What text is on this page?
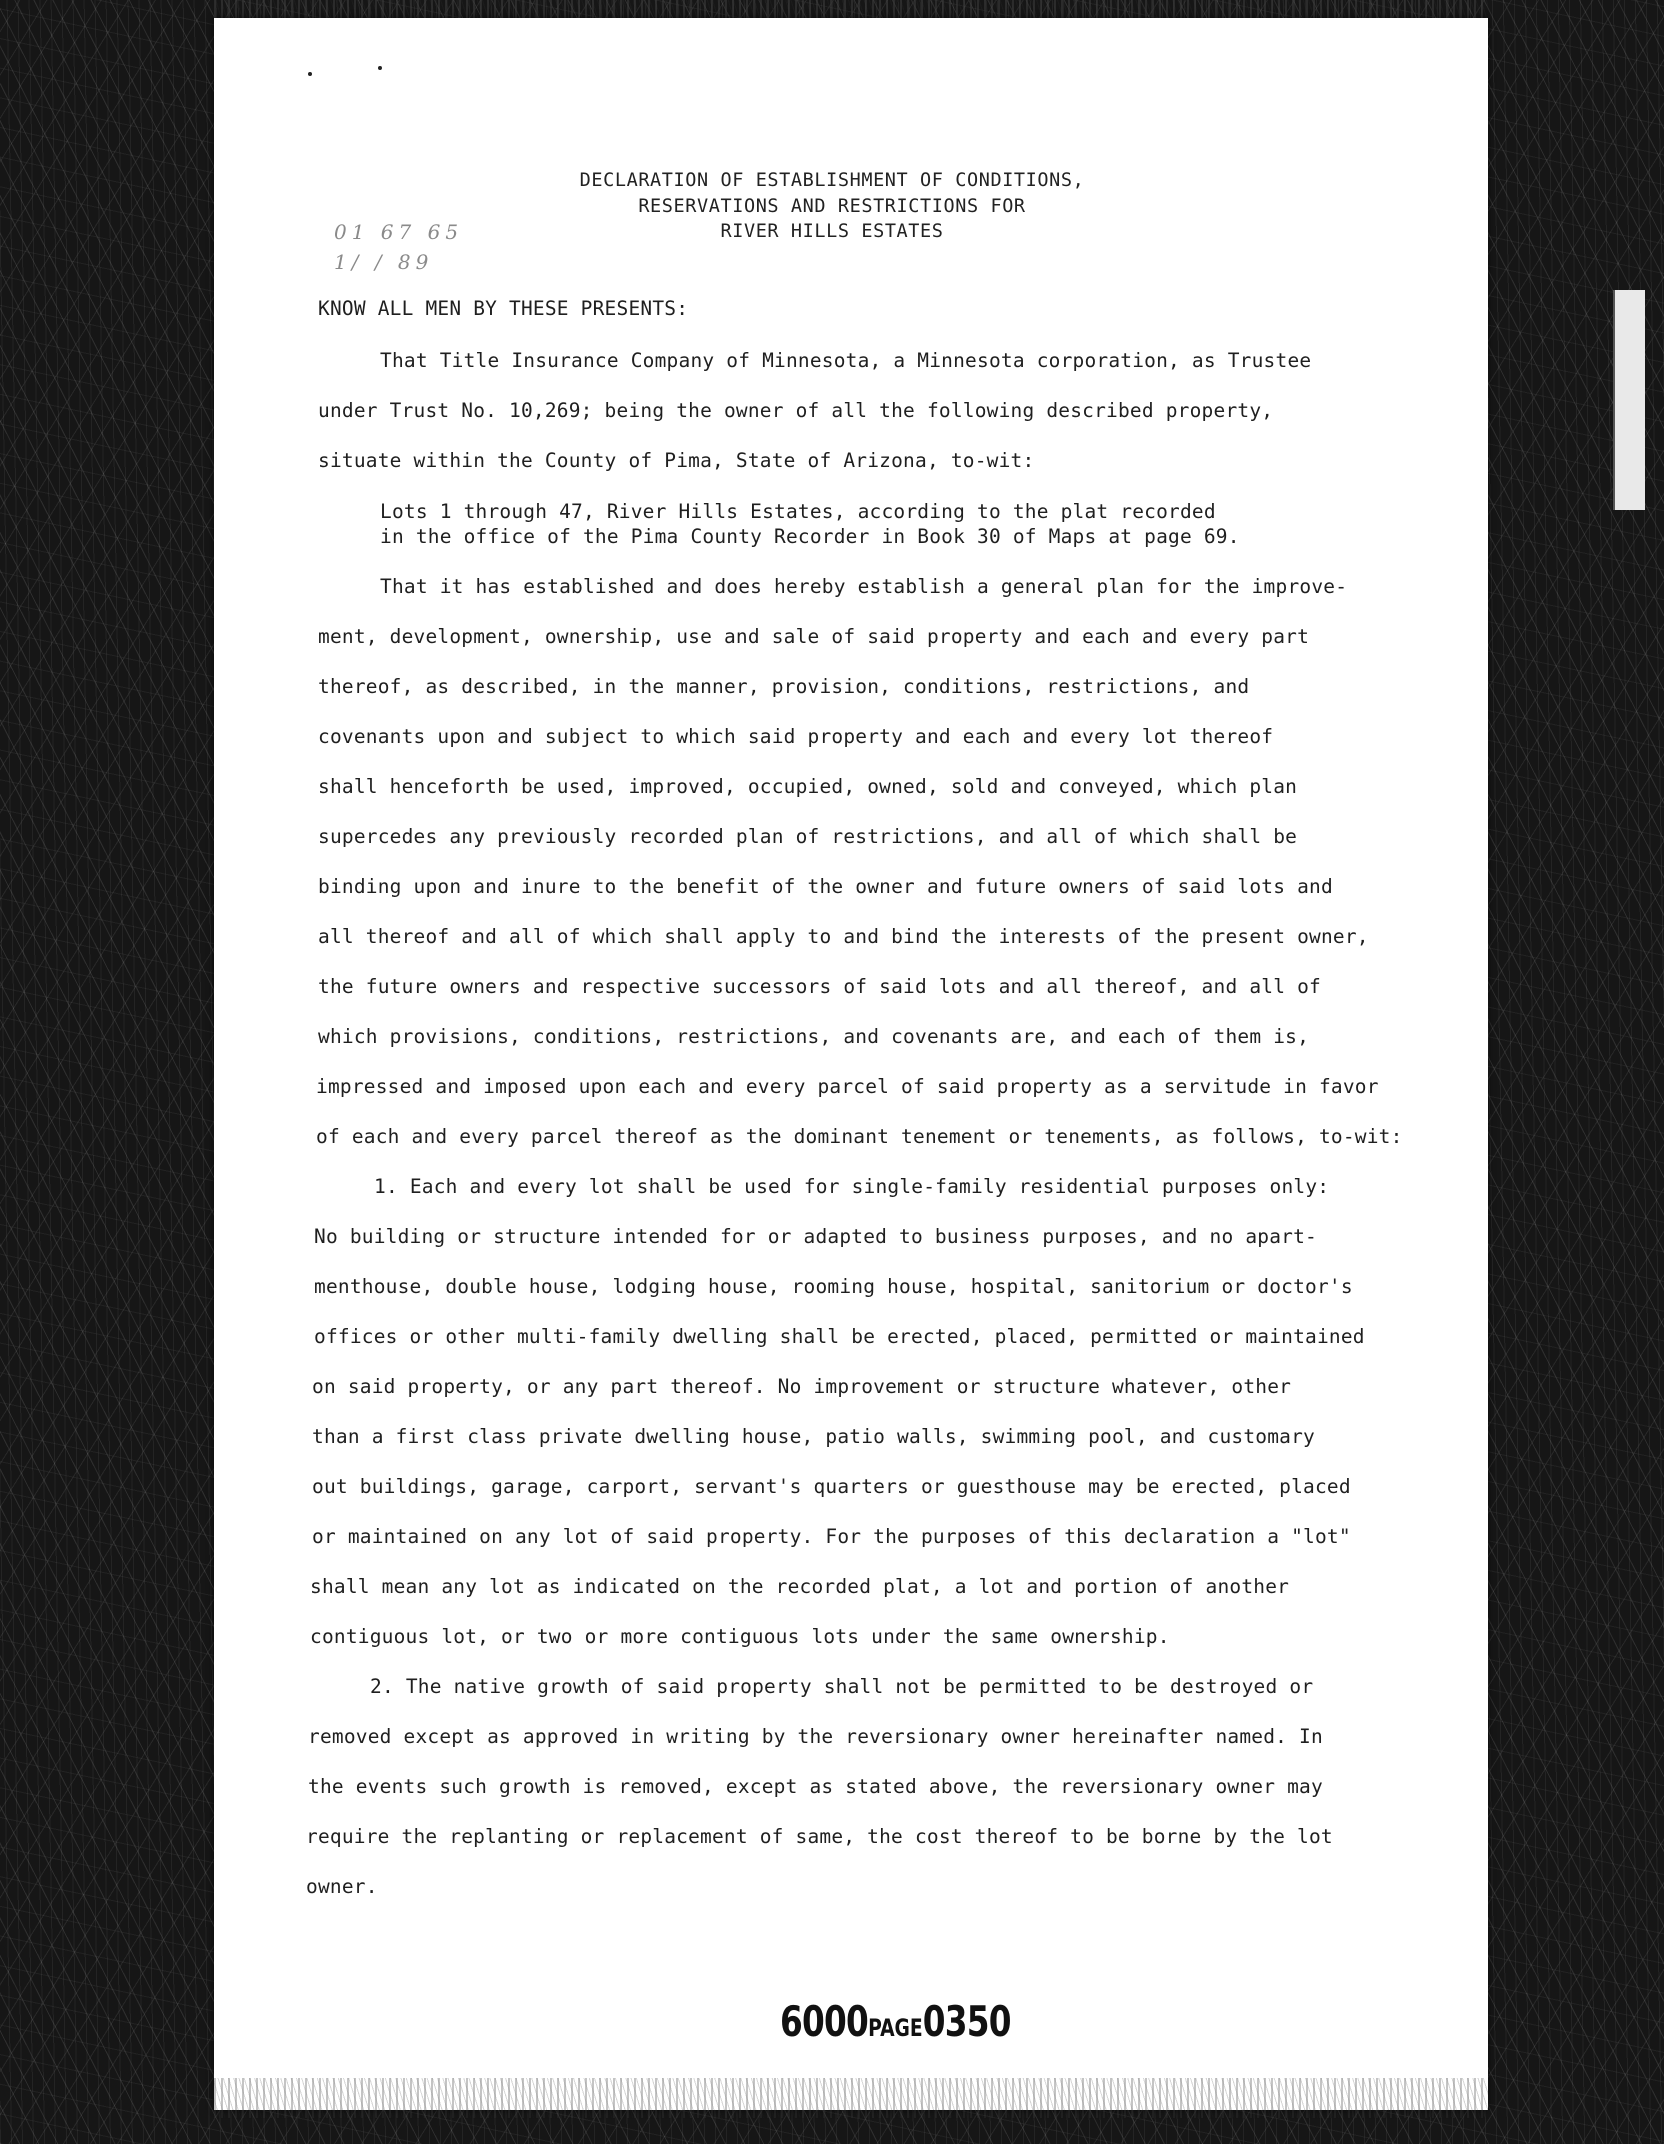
DECLARATION OF ESTABLISHMENT OF CONDITIONS,
RESERVATIONS AND RESTRICTIONS FOR
RIVER HILLS ESTATES
01 67 65
1/ / 89
KNOW ALL MEN BY THESE PRESENTS:
That Title Insurance Company of Minnesota, a Minnesota corporation, as Trustee
under Trust No. 10,269; being the owner of all the following described property,
situate within the County of Pima, State of Arizona, to-wit:
Lots 1 through 47, River Hills Estates, according to the plat recorded
in the office of the Pima County Recorder in Book 30 of Maps at page 69.
That it has established and does hereby establish a general plan for the improve-
ment, development, ownership, use and sale of said property and each and every part
thereof, as described, in the manner, provision, conditions, restrictions, and
covenants upon and subject to which said property and each and every lot thereof
shall henceforth be used, improved, occupied, owned, sold and conveyed, which plan
supercedes any previously recorded plan of restrictions, and all of which shall be
binding upon and inure to the benefit of the owner and future owners of said lots and
all thereof and all of which shall apply to and bind the interests of the present owner,
the future owners and respective successors of said lots and all thereof, and all of
which provisions, conditions, restrictions, and covenants are, and each of them is,
impressed and imposed upon each and every parcel of said property as a servitude in favor
of each and every parcel thereof as the dominant tenement or tenements, as follows, to-wit:
1. Each and every lot shall be used for single-family residential purposes only:
No building or structure intended for or adapted to business purposes, and no apart-
menthouse, double house, lodging house, rooming house, hospital, sanitorium or doctor's
offices or other multi-family dwelling shall be erected, placed, permitted or maintained
on said property, or any part thereof. No improvement or structure whatever, other
than a first class private dwelling house, patio walls, swimming pool, and customary
out buildings, garage, carport, servant's quarters or guesthouse may be erected, placed
or maintained on any lot of said property. For the purposes of this declaration a "lot"
shall mean any lot as indicated on the recorded plat, a lot and portion of another
contiguous lot, or two or more contiguous lots under the same ownership.
2. The native growth of said property shall not be permitted to be destroyed or
removed except as approved in writing by the reversionary owner hereinafter named. In
the events such growth is removed, except as stated above, the reversionary owner may
require the replanting or replacement of same, the cost thereof to be borne by the lot
owner.
6000PAGE0350
